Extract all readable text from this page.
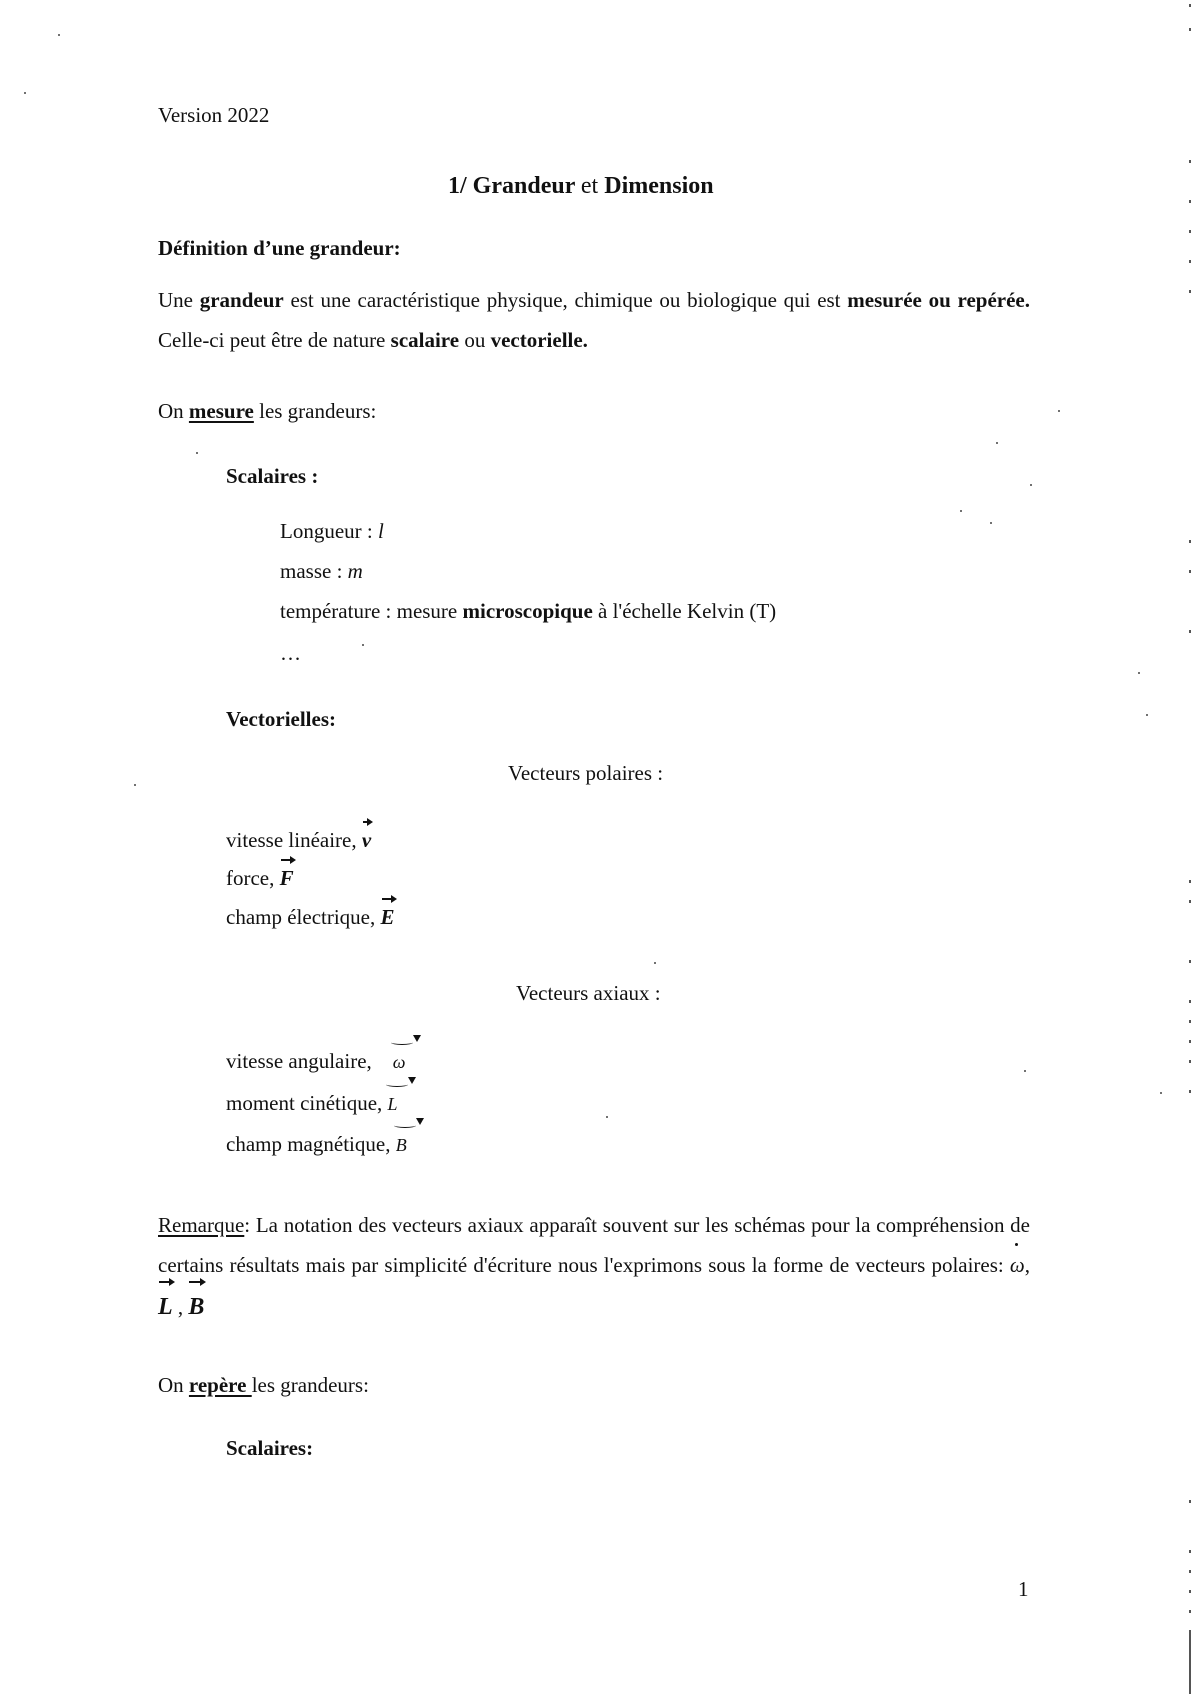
Version 2022
1/ Grandeur et Dimension
Définition d’une grandeur:
Une grandeur est une caractéristique physique, chimique ou biologique qui est mesurée ou repérée. Celle-ci peut être de nature scalaire ou vectorielle.
On mesure les grandeurs:
Scalaires :
Longueur : l
masse : m
température : mesure microscopique à l'échelle Kelvin (T)
…
Vectorielles:
Vecteurs polaires :
vitesse linéaire, v
force, F
champ électrique, E
Vecteurs axiaux :
vitesse angulaire,    ω
moment cinétique, L
champ magnétique, B
Remarque: La notation des vecteurs axiaux apparaît souvent sur les schémas pour la compréhension de certains résultats mais par simplicité d'écriture nous l'exprimons sous la forme de vecteurs polaires: ω, L , B
On repère les grandeurs:
Scalaires:
1
